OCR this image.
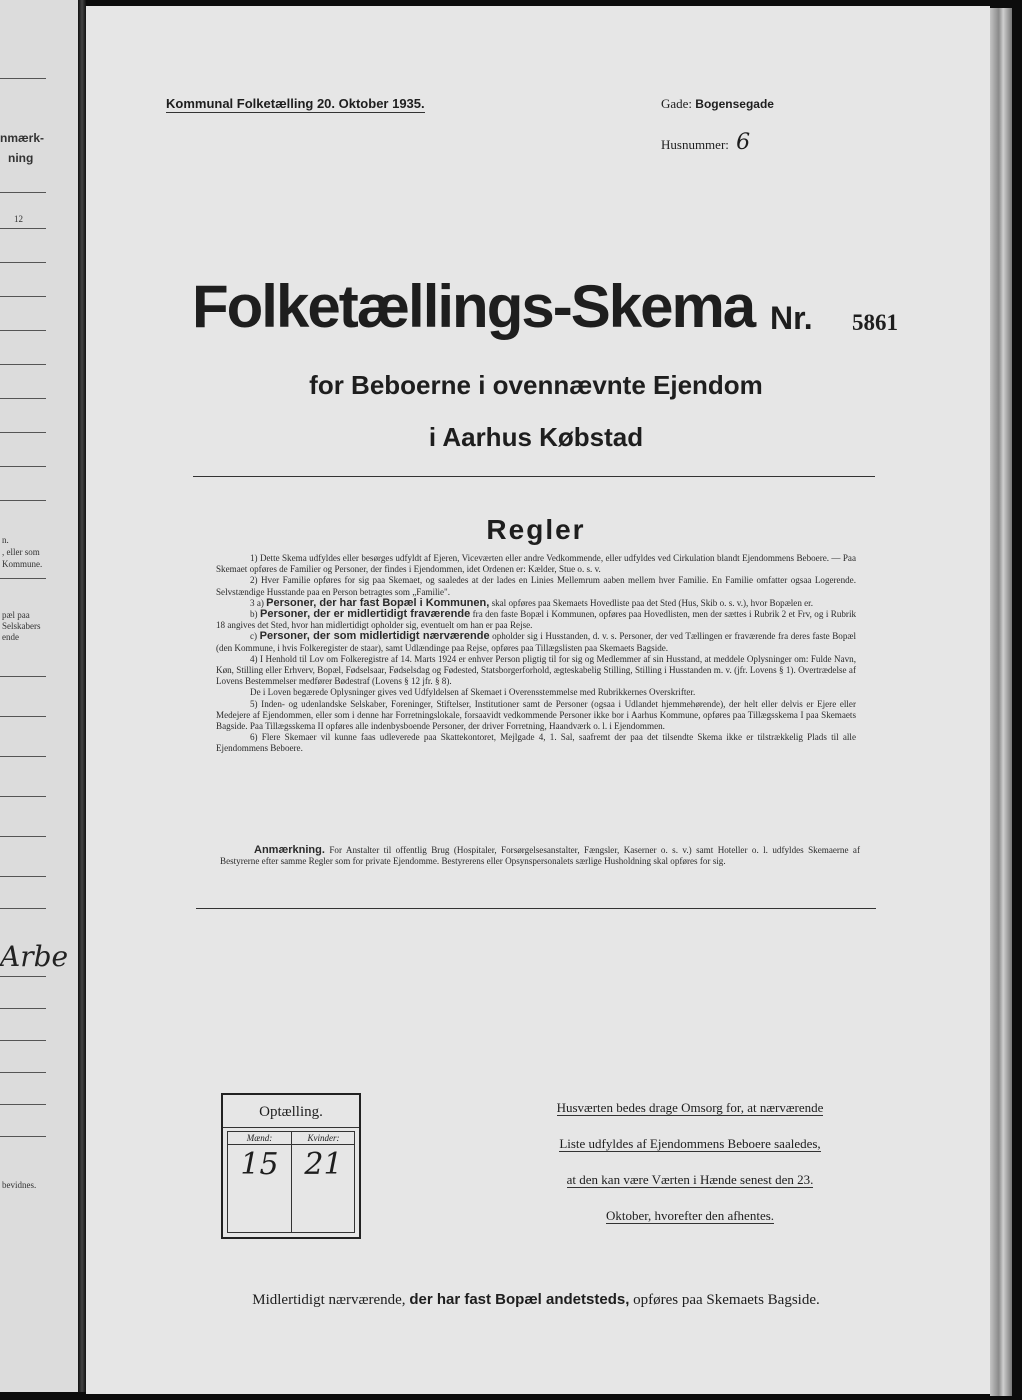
nmærk-
ning
12
n.
, eller som
Kommune.
pæl paa
Selskabers
ende
Arbe
bevidnes.
Kommunal Folketælling 20. Oktober 1935.	Gade: Bogensegade
Husnummer: 6
Folketællings-Skema Nr. 5861
for Beboerne i ovennævnte Ejendom
i Aarhus Købstad
Regler

1) Dette Skema udfyldes eller besørges udfyldt af Ejeren, Viceværten eller andre Vedkommende, eller udfyldes ved Cirkulation blandt Ejendommens Beboere. — Paa Skemaet opføres de Familier og Personer, der findes i Ejendommen, idet Ordenen er: Kælder, Stue o. s. v.

2) Hver Familie opføres for sig paa Skemaet, og saaledes at der lades en Linies Mellemrum aaben mellem hver Familie. En Familie omfatter ogsaa Logerende. Selvstændige Husstande paa en Person betragtes som „Familie".

3 a) Personer, der har fast Bopæl i Kommunen, skal opføres paa Skemaets Hovedliste paa det Sted (Hus, Skib o. s. v.), hvor Bopælen er.

b) Personer, der er midlertidigt fraværende fra den faste Bopæl i Kommunen, opføres paa Hovedlisten, men der sættes i Rubrik 2 et Frv, og i Rubrik 18 angives det Sted, hvor han midlertidigt opholder sig, eventuelt om han er paa Rejse.

c) Personer, der som midlertidigt nærværende opholder sig i Husstanden, d. v. s. Personer, der ved Tællingen er fraværende fra deres faste Bopæl (den Kommune, i hvis Folkeregister de staar), samt Udlændinge paa Rejse, opføres paa Tillægslisten paa Skemaets Bagside.

4) I Henhold til Lov om Folkeregistre af 14. Marts 1924 er enhver Person pligtig til for sig og Medlemmer af sin Husstand, at meddele Oplysninger om: Fulde Navn, Køn, Stilling eller Erhverv, Bopæl, Fødselsaar, Fødselsdag og Fødested, Statsborgerforhold, ægteskabelig Stilling, Stilling i Husstanden m. v. (jfr. Lovens § 1). Overtrædelse af Lovens Bestemmelser medfører Bødestraf (Lovens § 12 jfr. § 8).

De i Loven begærede Oplysninger gives ved Udfyldelsen af Skemaet i Overensstemmelse med Rubrikkernes Overskrifter.

5) Inden- og udenlandske Selskaber, Foreninger, Stiftelser, Institutioner samt de Personer (ogsaa i Udlandet hjemmehørende), der helt eller delvis er Ejere eller Medejere af Ejendommen, eller som i denne har Forretningslokale, forsaavidt vedkommende Personer ikke bor i Aarhus Kommune, opføres paa Tillægsskema I paa Skemaets Bagside. Paa Tillægsskema II opføres alle indenbysboende Personer, der driver Forretning, Haandværk o. l. i Ejendommen.

6) Flere Skemaer vil kunne faas udleverede paa Skattekontoret, Mejlgade 4, 1. Sal, saafremt der paa det tilsendte Skema ikke er tilstrækkelig Plads til alle Ejendommens Beboere.

Anmærkning. For Anstalter til offentlig Brug (Hospitaler, Forsørgelsesanstalter, Fængsler, Kaserner o. s. v.) samt Hoteller o. l. udfyldes Skemaerne af Bestyrerne efter samme Regler som for private Ejendomme. Bestyrerens eller Opsynspersonalets særlige Husholdning skal opføres for sig.

Optælling.
Mænd:
15
Kvinder:
21
Husværten bedes drage Omsorg for, at nærværende
Liste udfyldes af Ejendommens Beboere saaledes,
at den kan være Værten i Hænde senest den 23.
Oktober, hvorefter den afhentes.
Midlertidigt nærværende, der har fast Bopæl andetsteds, opføres paa Skemaets Bagside.
